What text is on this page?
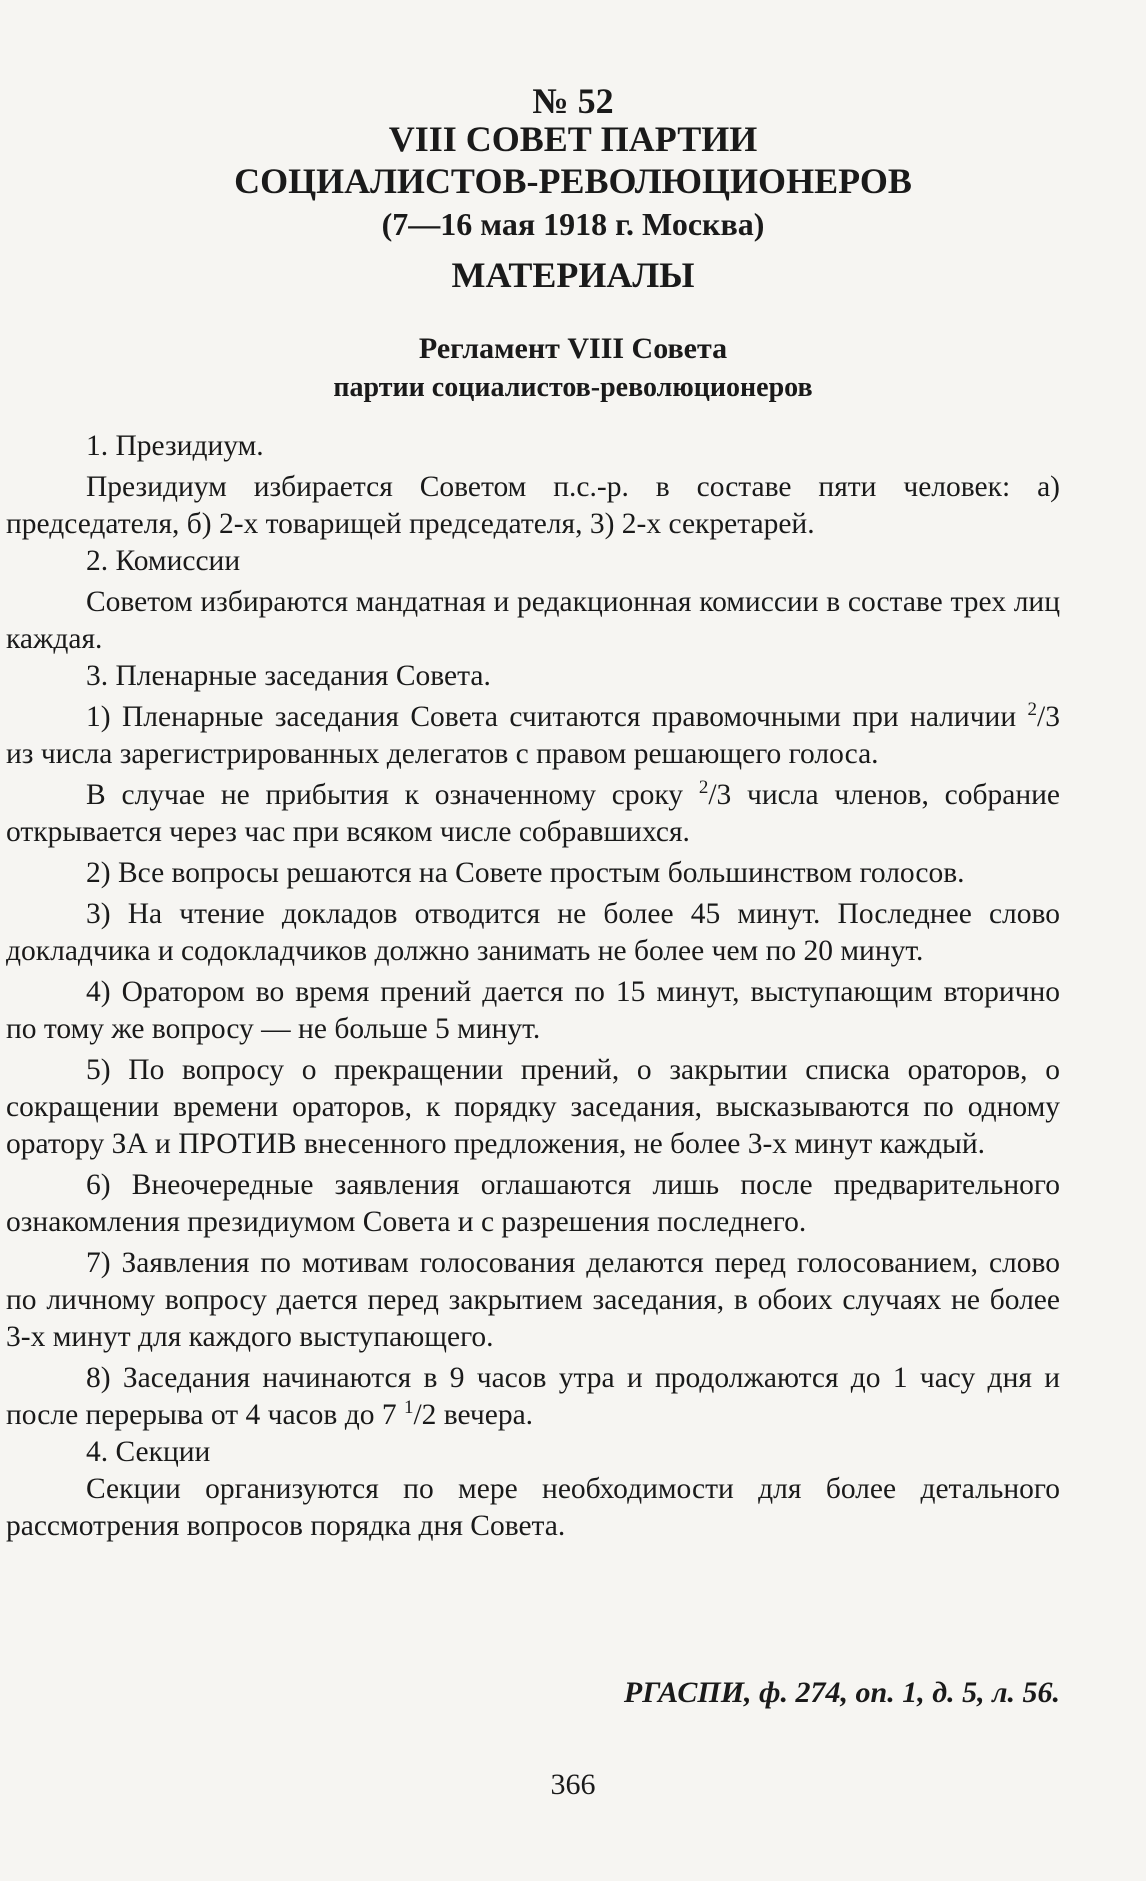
№ 52
VIII СОВЕТ ПАРТИИ
СОЦИАЛИСТОВ-РЕВОЛЮЦИОНЕРОВ
(7—16 мая 1918 г. Москва)
МАТЕРИАЛЫ
Регламент VIII Совета
партии социалистов-революционеров

1. Президиум.

Президиум избирается Советом п.с.-р. в составе пяти человек: а) председателя, б) 2-х товарищей председателя, 3) 2-х секретарей.

2. Комиссии

Советом избираются мандатная и редакционная комиссии в составе трех лиц каждая.

3. Пленарные заседания Совета.

1) Пленарные заседания Совета считаются правомочными при наличии $^2$/3 из числа зарегистрированных делегатов с правом решающего голоса.

В случае не прибытия к означенному сроку $^2$/3 числа членов, собрание открывается через час при всяком числе собравшихся.

2) Все вопросы решаются на Совете простым большинством голосов.

3) На чтение докладов отводится не более 45 минут. Последнее слово докладчика и содокладчиков должно занимать не более чем по 20 минут.

4) Оратором во время прений дается по 15 минут, выступающим вторично по тому же вопросу — не больше 5 минут.

5) По вопросу о прекращении прений, о закрытии списка ораторов, о сокращении времени ораторов, к порядку заседания, высказываются по одному оратору ЗА и ПРОТИВ внесенного предложения, не более 3-х минут каждый.

6) Внеочередные заявления оглашаются лишь после предварительного ознакомления президиумом Совета и с разрешения последнего.

7) Заявления по мотивам голосования делаются перед голосованием, слово по личному вопросу дается перед закрытием заседания, в обоих случаях не более 3-х минут для каждого выступающего.

8) Заседания начинаются в 9 часов утра и продолжаются до 1 часу дня и после перерыва от 4 часов до 7 $^1$/2 вечера.

4. Секции

Секции организуются по мере необходимости для более детального рассмотрения вопросов порядка дня Совета.

РГАСПИ, ф. 274, оп. 1, д. 5, л. 56.
366
